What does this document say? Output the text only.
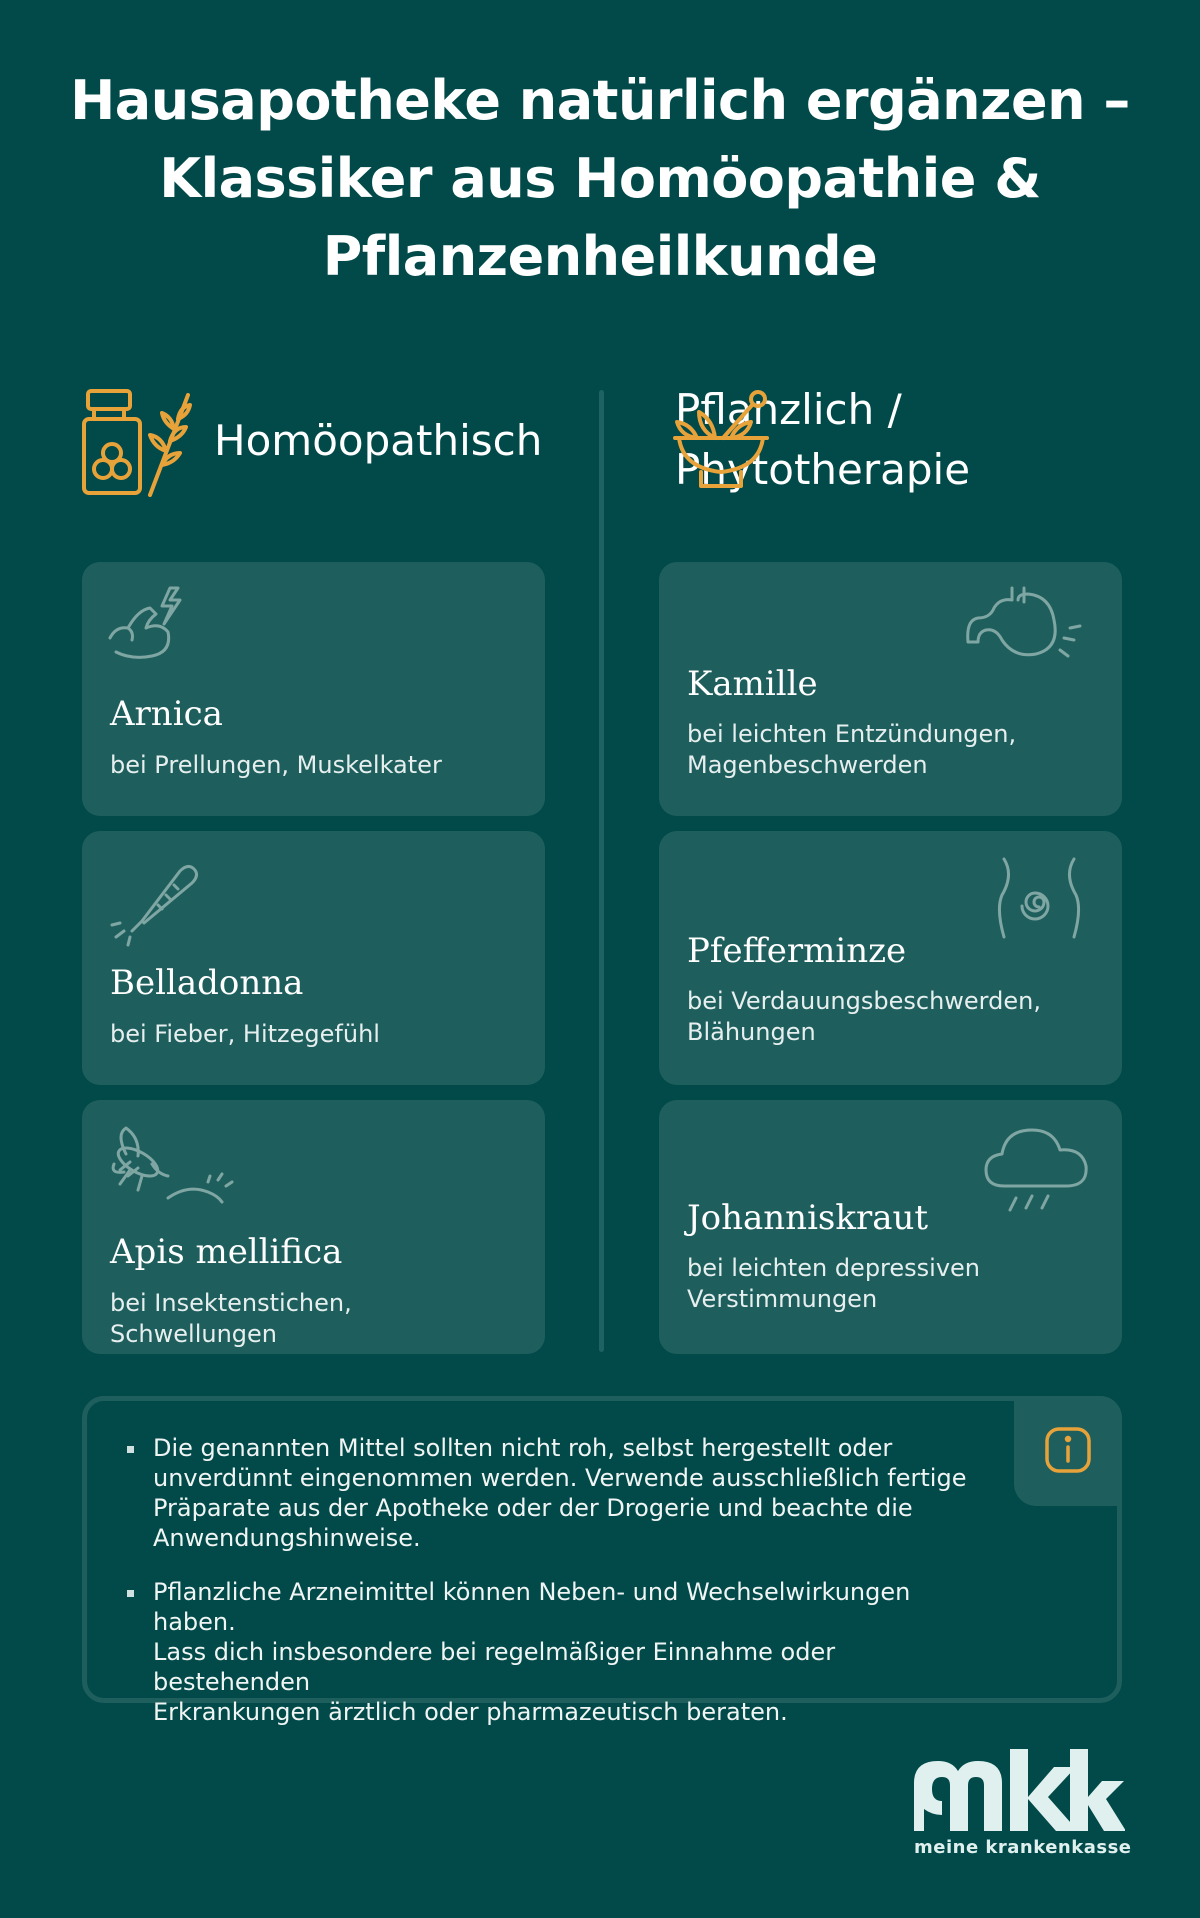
Hausapotheke natürlich ergänzen –
Klassiker aus Homöopathie &
Pflanzenheilkunde
Homöopathisch
Pflanzlich /
Phytotherapie
Arnica
bei Prellungen, Muskelkater
Belladonna
bei Fieber, Hitzegefühl
Apis mellifica
bei Insektenstichen, Schwellungen
Kamille
bei leichten Entzündungen,
Magenbeschwerden
Pfefferminze
bei Verdauungsbeschwerden,
Blähungen
Johanniskraut
bei leichten depressiven
Verstimmungen
Die genannten Mittel sollten nicht roh, selbst hergestellt oder
unverdünnt eingenommen werden. Verwende ausschließlich fertige
Präparate aus der Apotheke oder der Drogerie und beachte die
Anwendungshinweise.
Pflanzliche Arzneimittel können Neben- und Wechselwirkungen haben.
Lass dich insbesondere bei regelmäßiger Einnahme oder bestehenden
Erkrankungen ärztlich oder pharmazeutisch beraten.
meine krankenkasse
